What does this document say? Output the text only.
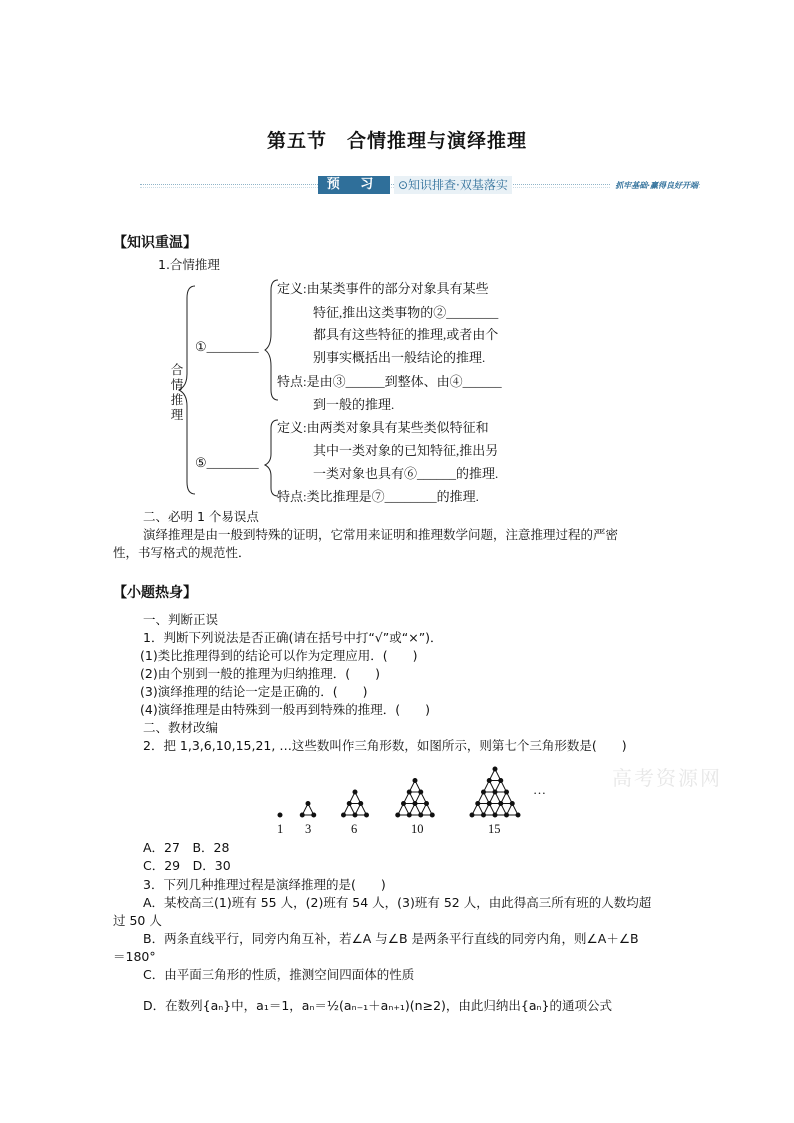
第五节　合情推理与演绎推理
预 习	⊙知识排查·双基落实	抓牢基础·赢得良好开端
【知识重温】
1.合情推理
合情推理
①________
⑤________
定义:由某类事件的部分对象具有某些
特征,推出这类事物的②________
都具有这些特征的推理,或者由个
别事实概括出一般结论的推理.
特点:是由③______到整体、由④______
到一般的推理.
定义:由两类对象具有某些类似特征和
其中一类对象的已知特征,推出另
一类对象也具有⑥______的推理.
特点:类比推理是⑦________的推理.
二、必明 1 个易误点
演绎推理是由一般到特殊的证明，它常用来证明和推理数学问题，注意推理过程的严密
性，书写格式的规范性．
【小题热身】
一、判断正误
1．判断下列说法是否正确(请在括号中打“√”或“×”)．
(1)类比推理得到的结论可以作为定理应用．(　　)
(2)由个别到一般的推理为归纳推理．(　　)
(3)演绎推理的结论一定是正确的．(　　)
(4)演绎推理是由特殊到一般再到特殊的推理．(　　)
二、教材改编
2．把 1,3,6,10,15,21, …这些数叫作三角形数，如图所示，则第七个三角形数是(　　)
1 3	6	10	15
…
A．27　B．28
C．29　D．30
3．下列几种推理过程是演绎推理的是(　　)
A．某校高三(1)班有 55 人，(2)班有 54 人，(3)班有 52 人，由此得高三所有班的人数均超
过 50 人
B．两条直线平行，同旁内角互补，若∠A 与∠B 是两条平行直线的同旁内角，则∠A＋∠B
＝180°
C．由平面三角形的性质，推测空间四面体的性质
D．在数列{aₙ}中，a₁＝1，aₙ＝½(aₙ₋₁＋aₙ₊₁)(n≥2)，由此归纳出{aₙ}的通项公式
高考资源网
